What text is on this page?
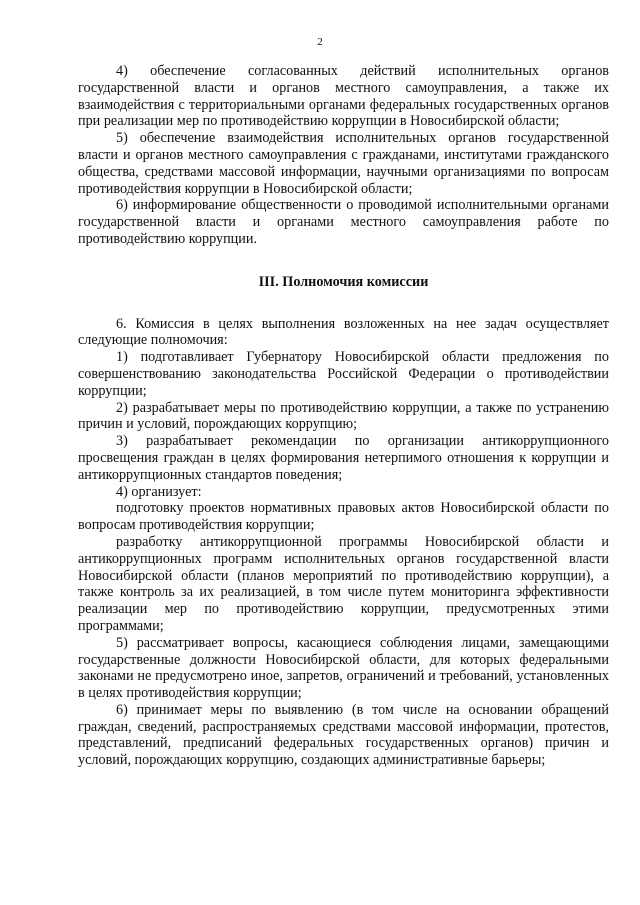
2

4) обеспечение согласованных действий исполнительных органов государственной власти и органов местного самоуправления, а также их взаимодействия с территориальными органами федеральных государственных органов при реализации мер по противодействию коррупции в Новосибирской области;

5) обеспечение взаимодействия исполнительных органов государственной власти и органов местного самоуправления с гражданами, институтами гражданского общества, средствами массовой информации, научными организациями по вопросам противодействия коррупции в Новосибирской области;

6) информирование общественности о проводимой исполнительными органами государственной власти и органами местного самоуправления работе по противодействию коррупции.

III. Полномочия комиссии

6. Комиссия в целях выполнения возложенных на нее задач осуществляет следующие полномочия:

1) подготавливает Губернатору Новосибирской области предложения по совершенствованию законодательства Российской Федерации о противодействии коррупции;

2) разрабатывает меры по противодействию коррупции, а также по устранению причин и условий, порождающих коррупцию;

3) разрабатывает рекомендации по организации антикоррупционного просвещения граждан в целях формирования нетерпимого отношения к коррупции и антикоррупционных стандартов поведения;

4) организует:

подготовку проектов нормативных правовых актов Новосибирской области по вопросам противодействия коррупции;

разработку антикоррупционной программы Новосибирской области и антикоррупционных программ исполнительных органов государственной власти Новосибирской области (планов мероприятий по противодействию коррупции), а также контроль за их реализацией, в том числе путем мониторинга эффективности реализации мер по противодействию коррупции, предусмотренных этими программами;

5) рассматривает вопросы, касающиеся соблюдения лицами, замещающими государственные должности Новосибирской области, для которых федеральными законами не предусмотрено иное, запретов, ограничений и требований, установленных в целях противодействия коррупции;

6) принимает меры по выявлению (в том числе на основании обращений граждан, сведений, распространяемых средствами массовой информации, протестов, представлений, предписаний федеральных государственных органов) причин и условий, порождающих коррупцию, создающих административные барьеры;
